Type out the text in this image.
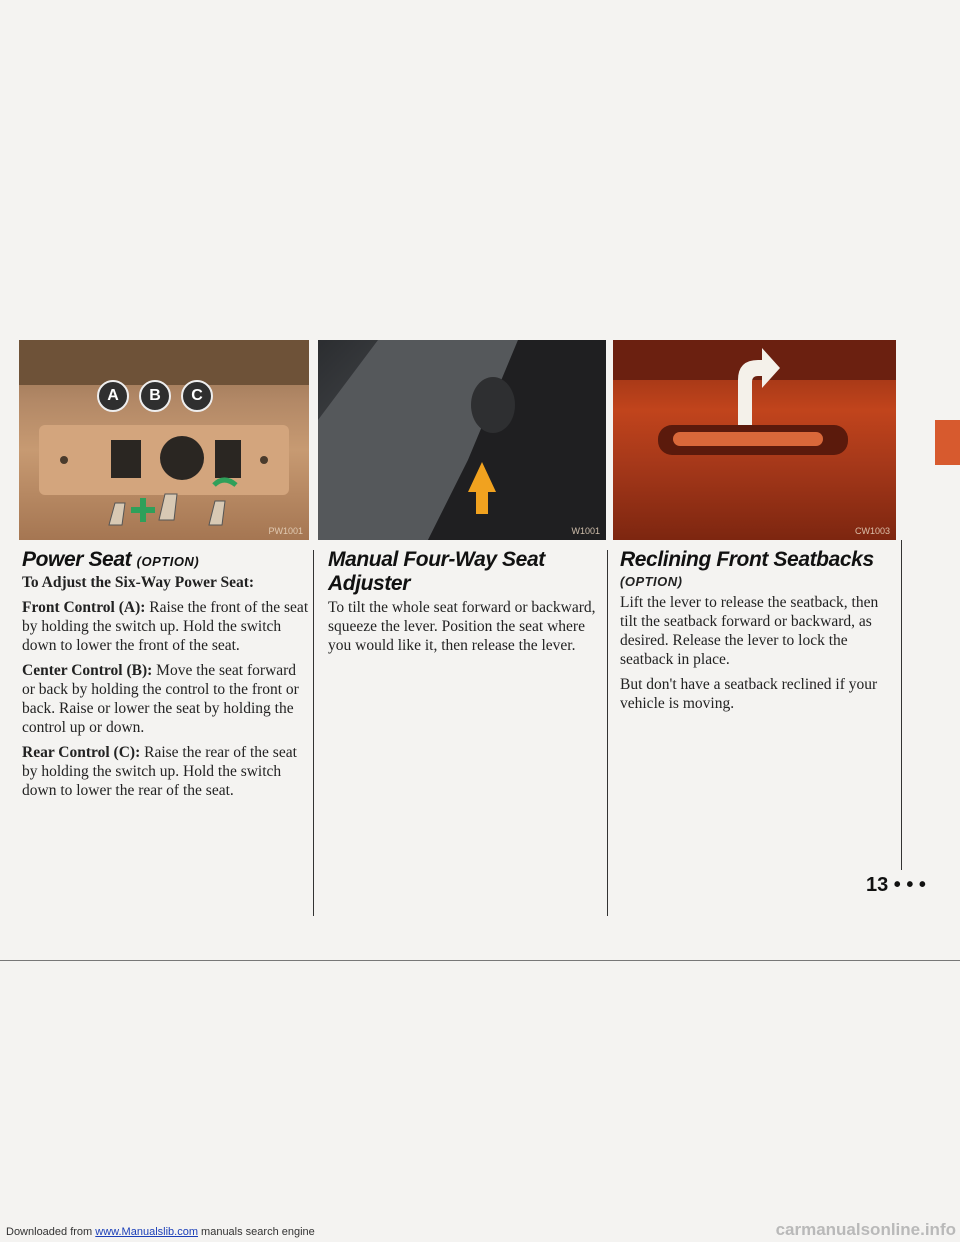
A	B	C
PW1001	W1001	CW1003
Power Seat (OPTION)
To Adjust the Six-Way Power Seat:

Front Control (A): Raise the front of the seat by holding the switch up. Hold the switch down to lower the front of the seat.

Center Control (B): Move the seat forward or back by holding the control to the front or back. Raise or lower the seat by holding the control up or down.

Rear Control (C): Raise the rear of the seat by holding the switch up. Hold the switch down to lower the rear of the seat.

Manual Four-Way Seat Adjuster

To tilt the whole seat forward or backward, squeeze the lever. Position the seat where you would like it, then release the lever.

Reclining Front Seatbacks
(OPTION)

Lift the lever to release the seatback, then tilt the seatback forward or backward, as desired. Release the lever to lock the seatback in place.

But don't have a seatback reclined if your vehicle is moving.

13 • • •
Downloaded from www.Manualslib.com manuals search engine	carmanualsonline.info
